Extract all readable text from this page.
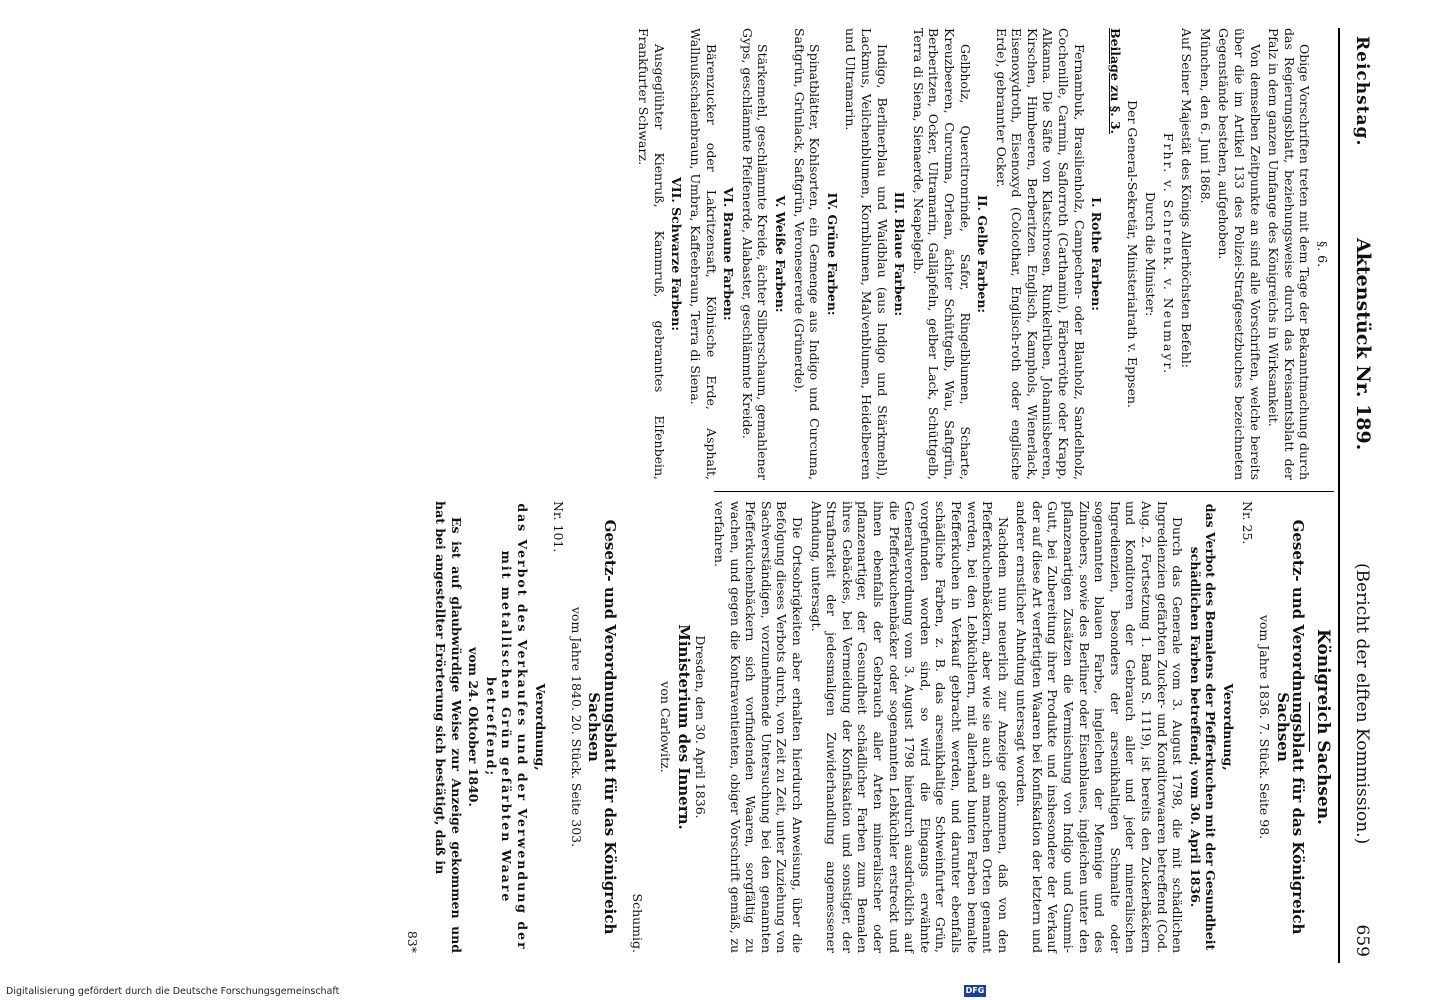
Reichstag.
Aktenstück Nr. 189.
(Bericht der elften Kommission.)
659
§. 6.

Obige Vorschriften treten mit dem Tage der Bekanntmachung durch das Regierungsblatt, beziehungsweise durch das Kreisamtsblatt der Pfalz in dem ganzen Umfange des Königreichs in Wirksamkeit.

Von demselben Zeitpunkte an sind alle Vorschriften, welche bereits über die im Artikel 133 des Polizei-Strafgesetzbuches bezeichneten Gegenstände bestehen, aufgehoben.

München, den 6. Juni 1868.

Auf Seiner Majestät des Königs Allerhöchsten Befehl:

Frhr. v. Schrenk. v. Neumayr.

Durch die Minister:

Der General-Sekretär, Ministerialrath v. Eppsen.

Beilage zu §. 3.

I. Rothe Farben:

Fernambuk, Brasilienholz, Campechen- oder Blauholz, Sandelholz, Cochenille, Carmin, Saflorroth (Carthamin), Färberröthe oder Krapp, Alkanna. Die Säfte von Klatschrosen, Runkelrüben, Johannisbeeren, Kirschen, Himbeeren, Berberitzen. Englisch, Kamphols, Wienerlack, Eisenoxydroth, Eisenoxyd (Colcothar, Englisch-roth oder englische Erde), gebrannter Ocker.

II. Gelbe Farben:

Gelbholz, Quercitronrinde, Safor, Ringelblumen, Scharte, Kreuzbeeren, Curcuma, Orlean, ächter Schüttgelb, Wau, Saftgrün, Berberitzen, Ocker, Ultramarin, Galläpfeln, gelber Lack, Schüttgelb, Terra di Siena, Sienaerde, Neapelgelb.

III. Blaue Farben:

Indigo, Berlinerblau und Waidblau (aus Indigo und Stärkmehl), Lackmus, Veilchenblumen, Kornblumen, Malvenblumen, Heidelbeeren und Ultramarin.

IV. Grüne Farben:

Spinatblätter, Kohlsorten, ein Gemenge aus Indigo und Curcuma, Saftgrün, Grünlack, Saftgrün, Veronesererde (Grünerde).

V. Weiße Farben:

Stärkemehl, geschlämmte Kreide, ächter Silberschaum, gemahlener Gyps, geschlämmte Pfeifenerde, Alabaster, geschlämmte Kreide.

VI. Braune Farben:

Bärenzucker oder Lakritzensaft, Kölnische Erde, Asphalt, Wallnußschalenbraun, Umbra, Kaffeebraun, Terra di Siena.

VII. Schwarze Farben:

Ausgeglühter Kienruß, Kammruß, gebranntes Elfenbein, Frankfurter Schwarz.

Königreich Sachsen.
Gesetz- und Verordnungsblatt für das Königreich Sachsen
vom Jahre 1836. 7. Stück. Seite 98.

Nr. 25.

Verordnung,

das Verbot des Bemalens der Pfefferkuchen mit der Gesundheit schädlichen Farben betreffend; vom 30. April 1836.

Durch das Generale vom 3. August 1798, die mit schädlichen Ingredienzien gefärbten Zucker- und Konditorwaaren betreffend (Cod. Aug. 2. Fortsetzung 1. Band S. 1119), ist bereits den Zuckerbäckern und Konditoren der Gebrauch aller und jeder mineralischen Ingredienzien, besonders der arsenikhaltigen Schmalte oder sogenannten blauen Farbe, ingleichen der Mennige und des Zinnobers, sowie des Berliner oder Eisenblaues, ingleichen unter den pflanzenartigen Zusätzen die Vermischung von Indigo und Gummi-Gutt, bei Zubereitung ihrer Produkte und inshesondere der Verkauf der auf diese Art verfertigten Waaren bei Konfiskation der letztern und anderer ernstlicher Ahndung untersagt worden.

Nachdem nun neuerlich zur Anzeige gekommen, daß von den Pfefferkuchenbäckern, aber wie sie auch an manchen Orten genannt werden, bei den Lebküchlern, mit allerhand bunten Farben bemalte Pfefferkuchen in Verkauf gebracht werden, und darunter ebenfalls schädliche Farben, z. B. das arsenikhaltige Schweinfurter Grün, vorgefunden worden sind, so wird die Eingangs erwähnte Generalverordnung vom 3. August 1798 hierdurch ausdrücklich auf die Pfefferkuchenbäcker oder sogenannten Lebküchler erstreckt und ihnen ebenfalls der Gebrauch aller Arten mineralischer oder pflanzenartiger, der Gesundheit schädlicher Farben zum Bemalen ihres Gebäckes, bei Vermeidung der Konfiskation und sonstiger, der Strafbarkeit der jedesmaligen Zuwiderhandlung angemessener Ahndung, untersagt.

Die Ortsobrigkeiten aber erhalten hierdurch Anweisung, über die Befolgung dieses Verbots durch, von Zeit zu Zeit, unter Zuziehung von Sachverständigen, vorzunehmende Untersuchung bei den genannten Pfefferkuchenbäckern sich vorfindenden Waaren, sorgfältig zu wachen, und gegen die Kontraventienten, obiger Vorschrift gemäß, zu verfahren.

Dresden, den 30. April 1836.

Ministerium des Innern.

von Carlowitz.

Schumig.

Gesetz- und Verordnungsblatt für das Königreich Sachsen
vom Jahre 1840. 20. Stück. Seite 303.

Nr. 101.

Verordnung,

das Verbot des Verkaufes und der Verwendung der mit metallischen Grün gefärbten Waare betreffend;

vom 24. Oktober 1840.

Es ist auf glaubwürdige Weise zur Anzeige gekommen und hat bei angestellter Erörterung sich bestätigt, daß in

83*

Digitalisierung gefördert durch die Deutsche Forschungsgemeinschaft	DFG
